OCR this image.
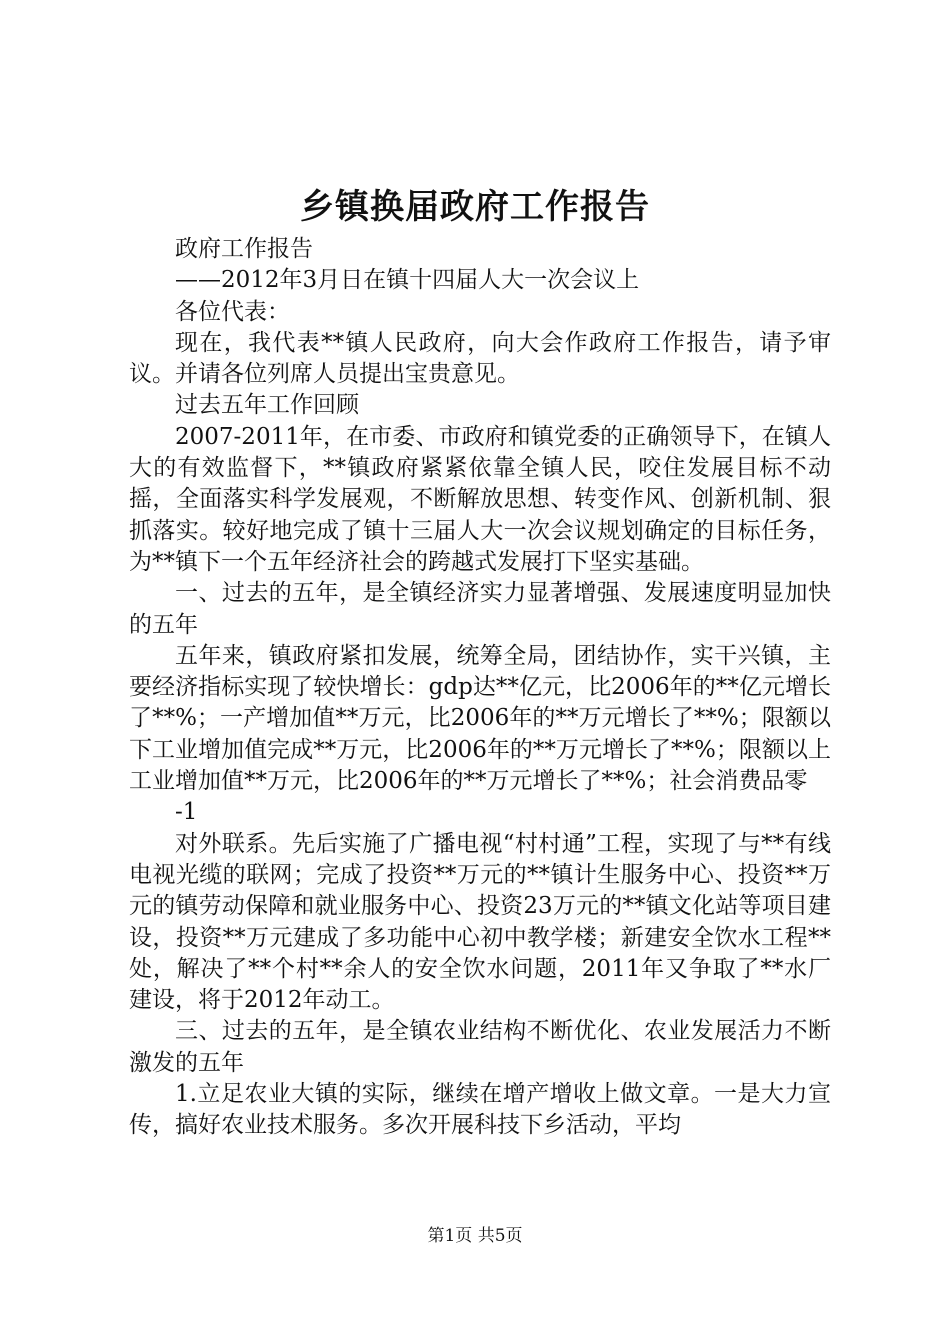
乡镇换届政府工作报告

政府工作报告

——2012年3月日在镇十四届人大一次会议上

各位代表：

现在，我代表**镇人民政府，向大会作政府工作报告，请予审议。并请各位列席人员提出宝贵意见。

过去五年工作回顾

2007-2011年，在市委、市政府和镇党委的正确领导下，在镇人大的有效监督下，**镇政府紧紧依靠全镇人民，咬住发展目标不动摇，全面落实科学发展观，不断解放思想、转变作风、创新机制、狠抓落实。较好地完成了镇十三届人大一次会议规划确定的目标任务，为**镇下一个五年经济社会的跨越式发展打下坚实基础。

一、过去的五年，是全镇经济实力显著增强、发展速度明显加快的五年

五年来，镇政府紧扣发展，统筹全局，团结协作，实干兴镇，主要经济指标实现了较快增长：gdp达**亿元，比2006年的**亿元增长了**%；一产增加值**万元，比2006年的**万元增长了**%；限额以下工业增加值完成**万元，比2006年的**万元增长了**%；限额以上工业增加值**万元，比2006年的**万元增长了**%；社会消费品零

-1

对外联系。先后实施了广播电视“村村通”工程，实现了与**有线电视光缆的联网；完成了投资**万元的**镇计生服务中心、投资**万元的镇劳动保障和就业服务中心、投资23万元的**镇文化站等项目建设，投资**万元建成了多功能中心初中教学楼；新建安全饮水工程**处，解决了**个村**余人的安全饮水问题，2011年又争取了**水厂建设，将于2012年动工。

三、过去的五年，是全镇农业结构不断优化、农业发展活力不断激发的五年

1.立足农业大镇的实际，继续在增产增收上做文章。一是大力宣传，搞好农业技术服务。多次开展科技下乡活动，平均

第1页 共5页
